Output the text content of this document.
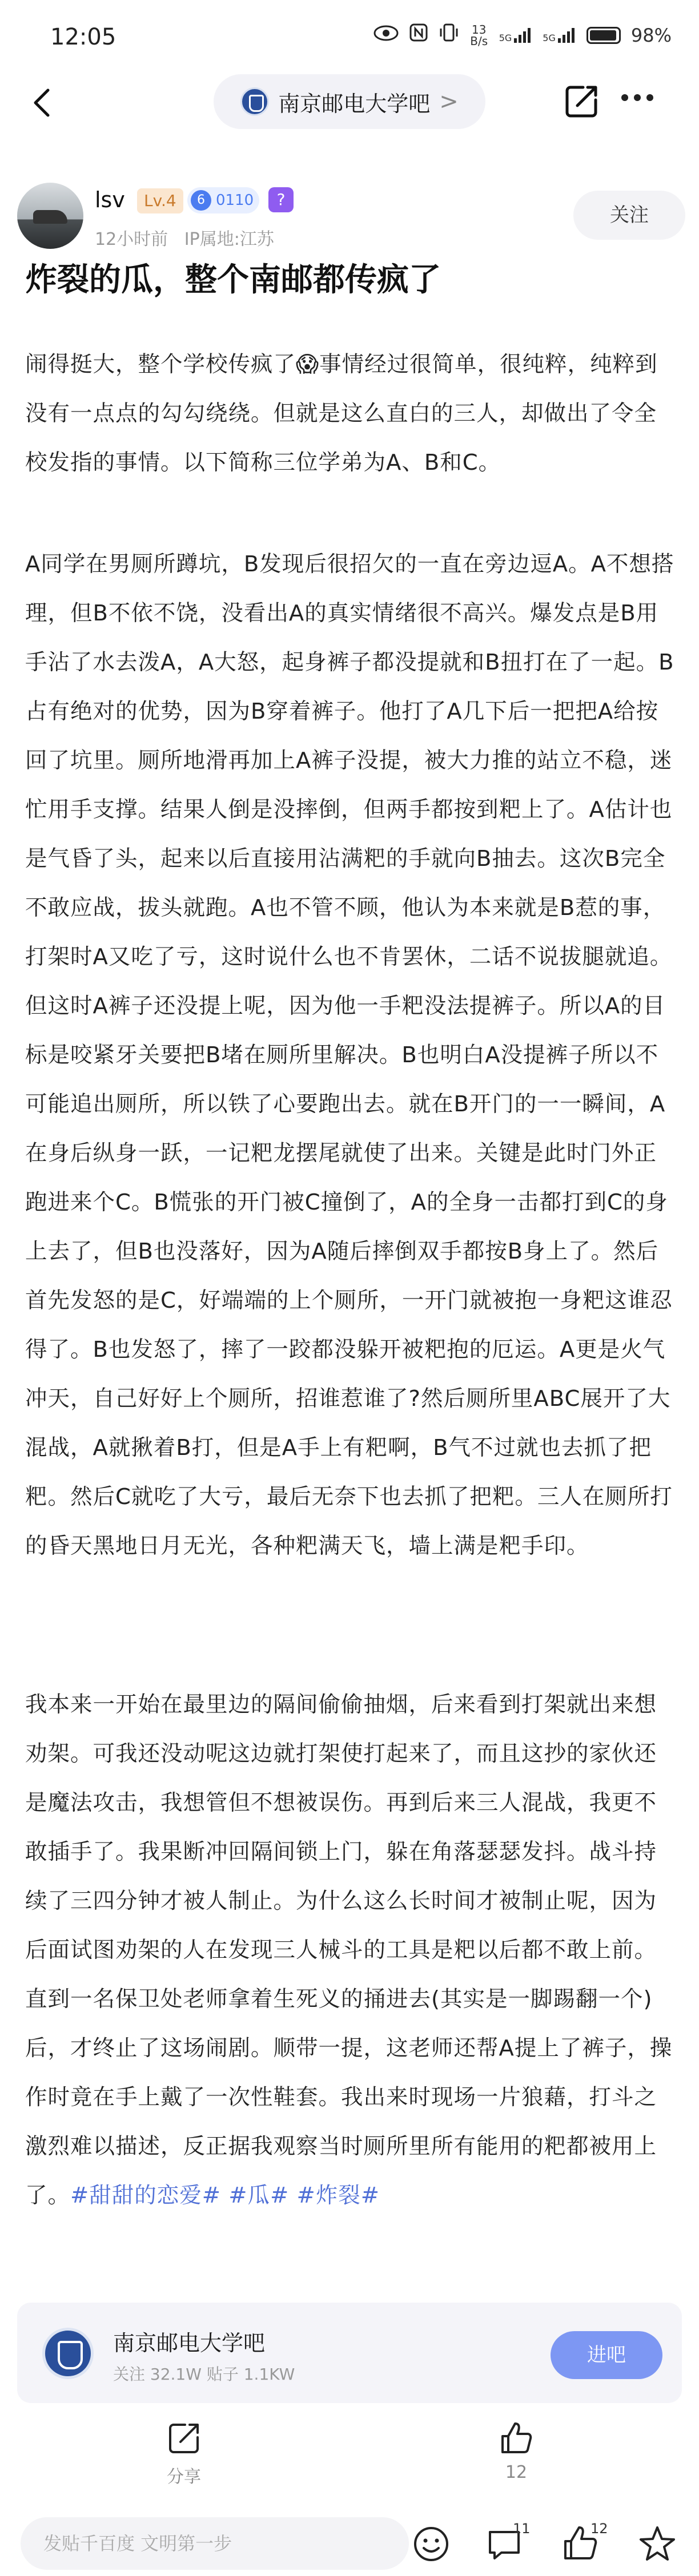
12:05	13 B/s 5G	5G	98%
南京邮电大学吧 >
lsv	Lv.4	6 0110	?
12小时前 IP属地:江苏
关注
炸裂的瓜，整个南邮都传疯了
闹得挺大，整个学校传疯了😱事情经过很简单，很纯粹，纯粹到没有一点点的勾勾绕绕。但就是这么直白的三人，却做出了令全校发指的事情。以下简称三位学弟为A、B和C。
A同学在男厕所蹲坑，B发现后很招欠的一直在旁边逗A。A不想搭理，但B不依不饶，没看出A的真实情绪很不高兴。爆发点是B用手沾了水去泼A，A大怒，起身裤子都没提就和B扭打在了一起。B占有绝对的优势，因为B穿着裤子。他打了A几下后一把把A给按回了坑里。厕所地滑再加上A裤子没提，被大力推的站立不稳，迷忙用手支撑。结果人倒是没摔倒，但两手都按到粑上了。A估计也是气昏了头，起来以后直接用沾满粑的手就向B抽去。这次B完全不敢应战，拔头就跑。A也不管不顾，他认为本来就是B惹的事，打架时A又吃了亏，这时说什么也不肯罢休，二话不说拔腿就追。但这时A裤子还没提上呢，因为他一手粑没法提裤子。所以A的目标是咬紧牙关要把B堵在厕所里解决。B也明白A没提裤子所以不可能追出厕所，所以铁了心要跑出去。就在B开门的一一瞬间，A在身后纵身一跃，一记粑龙摆尾就使了出来。关键是此时门外正跑进来个C。B慌张的开门被C撞倒了，A的全身一击都打到C的身上去了，但B也没落好，因为A随后摔倒双手都按B身上了。然后首先发怒的是C，好端端的上个厕所，一开门就被抱一身粑这谁忍得了。B也发怒了，摔了一跤都没躲开被粑抱的厄运。A更是火气冲天，自己好好上个厕所，招谁惹谁了?然后厕所里ABC展开了大混战，A就揪着B打，但是A手上有粑啊，B气不过就也去抓了把粑。然后C就吃了大亏，最后无奈下也去抓了把粑。三人在厕所打的昏天黑地日月无光，各种粑满天飞，墙上满是粑手印。
我本来一开始在最里边的隔间偷偷抽烟，后来看到打架就出来想劝架。可我还没动呢这边就打架使打起来了，而且这抄的家伙还是魔法攻击，我想管但不想被误伤。再到后来三人混战，我更不敢插手了。我果断冲回隔间锁上门，躲在角落瑟瑟发抖。战斗持续了三四分钟才被人制止。为什么这么长时间才被制止呢，因为后面试图劝架的人在发现三人械斗的工具是粑以后都不敢上前。直到一名保卫处老师拿着生死义的捅进去(其实是一脚踢翻一个)后，才终止了这场闹剧。顺带一提，这老师还帮A提上了裤子，操作时竟在手上戴了一次性鞋套。我出来时现场一片狼藉，打斗之激烈难以描述，反正据我观察当时厕所里所有能用的粑都被用上了。#甜甜的恋爱# #瓜# #炸裂#
南京邮电大学吧
关注 32.1W 贴子 1.1KW
进吧
分享	12
发贴千百度 文明第一步
11	12
